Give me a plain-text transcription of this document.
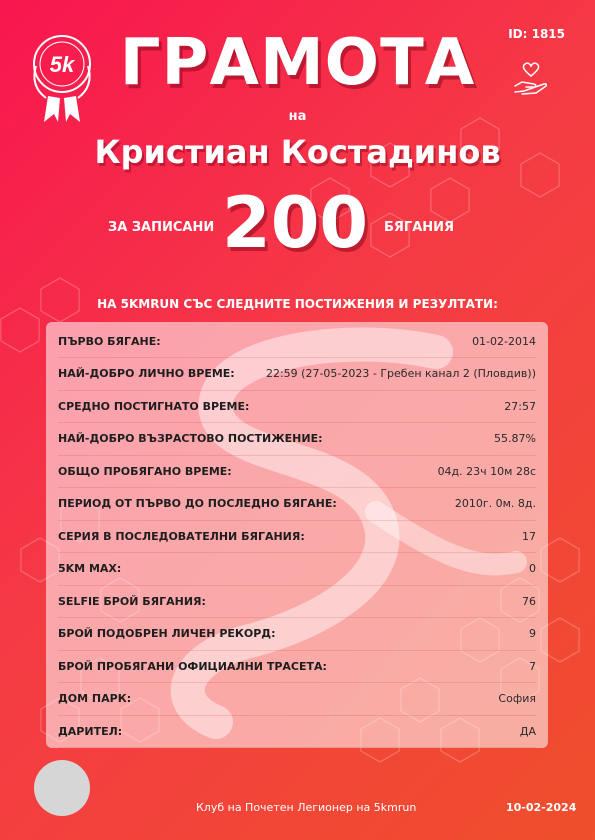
5k ГРАМОТА	ID: 1815
на
Кристиан Костадинов
ЗА ЗАПИСАНИ 200 БЯГАНИЯ
НА 5KMRUN СЪС СЛЕДНИТЕ ПОСТИЖЕНИЯ И РЕЗУЛТАТИ:
ПЪРВО БЯГАНЕ:	01-02-2014
НАЙ-ДОБРО ЛИЧНО ВРЕМЕ:	22:59 (27-05-2023 - Гребен канал 2 (Пловдив))
СРЕДНО ПОСТИГНАТО ВРЕМЕ:	27:57
НАЙ-ДОБРО ВЪЗРАСТОВО ПОСТИЖЕНИЕ:	55.87%
ОБЩО ПРОБЯГАНО ВРЕМЕ:	04д. 23ч 10м 28с
ПЕРИОД ОТ ПЪРВО ДО ПОСЛЕДНО БЯГАНЕ:	2010г. 0м. 8д.
СЕРИЯ В ПОСЛЕДОВАТЕЛНИ БЯГАНИЯ:	17
5KM MAX:	0
SELFIE БРОЙ БЯГАНИЯ:	76
БРОЙ ПОДОБРЕН ЛИЧЕН РЕКОРД:	9
БРОЙ ПРОБЯГАНИ ОФИЦИАЛНИ ТРАСЕТА:	7
ДОМ ПАРК:	София
ДАРИТЕЛ:	ДА
Клуб на Почетен Легионер на 5kmrun	10-02-2024
